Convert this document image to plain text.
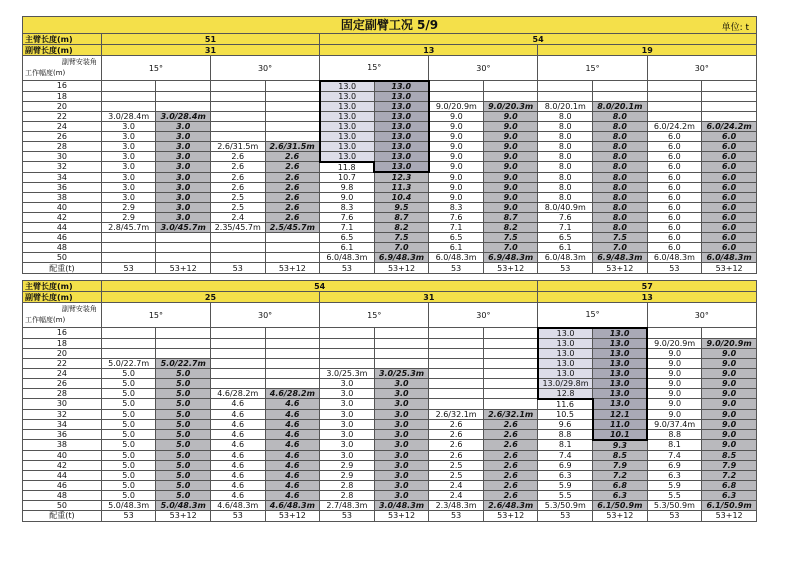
单位: t
固定副臂工况 5/9												
主臂长度(m)	51				54							
副臂长度(m)	31				13				19			

副臂安装角
工作幅度(m)	15°		30°		15°		30°		15°		30°	
16					13.0	13.0						
18					13.0	13.0						
20					13.0	13.0	9.0/20.9m	9.0/20.3m	8.0/20.1m	8.0/20.1m		
22	3.0/28.4m	3.0/28.4m			13.0	13.0	9.0	9.0	8.0	8.0		
24	3.0	3.0			13.0	13.0	9.0	9.0	8.0	8.0	6.0/24.2m	6.0/24.2m
26	3.0	3.0			13.0	13.0	9.0	9.0	8.0	8.0	6.0	6.0
28	3.0	3.0	2.6/31.5m	2.6/31.5m	13.0	13.0	9.0	9.0	8.0	8.0	6.0	6.0
30	3.0	3.0	2.6	2.6	13.0	13.0	9.0	9.0	8.0	8.0	6.0	6.0
32	3.0	3.0	2.6	2.6	11.8	13.0	9.0	9.0	8.0	8.0	6.0	6.0
34	3.0	3.0	2.6	2.6	10.7	12.3	9.0	9.0	8.0	8.0	6.0	6.0
36	3.0	3.0	2.6	2.6	9.8	11.3	9.0	9.0	8.0	8.0	6.0	6.0
38	3.0	3.0	2.5	2.6	9.0	10.4	9.0	9.0	8.0	8.0	6.0	6.0
40	2.9	3.0	2.5	2.6	8.3	9.5	8.3	9.0	8.0/40.9m	8.0	6.0	6.0
42	2.9	3.0	2.4	2.6	7.6	8.7	7.6	8.7	7.6	8.0	6.0	6.0
44	2.8/45.7m	3.0/45.7m	2.35/45.7m	2.5/45.7m	7.1	8.2	7.1	8.2	7.1	8.0	6.0	6.0
46					6.5	7.5	6.5	7.5	6.5	7.5	6.0	6.0
48					6.1	7.0	6.1	7.0	6.1	7.0	6.0	6.0
50					6.0/48.3m	6.9/48.3m	6.0/48.3m	6.9/48.3m	6.0/48.3m	6.9/48.3m	6.0/48.3m	6.0/48.3m
配重(t)	53	53+12	53	53+12	53	53+12	53	53+12	53	53+12	53	53+12
主臂长度(m)	54								57			
副臂长度(m)	25				31				13			

副臂安装角
工作幅度(m)	15°		30°		15°		30°		15°		30°	
16									13.0	13.0		
18									13.0	13.0	9.0/20.9m	9.0/20.9m
20									13.0	13.0	9.0	9.0
22	5.0/22.7m	5.0/22.7m							13.0	13.0	9.0	9.0
24	5.0	5.0			3.0/25.3m	3.0/25.3m			13.0	13.0	9.0	9.0
26	5.0	5.0			3.0	3.0			13.0/29.8m	13.0	9.0	9.0
28	5.0	5.0	4.6/28.2m	4.6/28.2m	3.0	3.0			12.8	13.0	9.0	9.0
30	5.0	5.0	4.6	4.6	3.0	3.0			11.6	13.0	9.0	9.0
32	5.0	5.0	4.6	4.6	3.0	3.0	2.6/32.1m	2.6/32.1m	10.5	12.1	9.0	9.0
34	5.0	5.0	4.6	4.6	3.0	3.0	2.6	2.6	9.6	11.0	9.0/37.4m	9.0
36	5.0	5.0	4.6	4.6	3.0	3.0	2.6	2.6	8.8	10.1	8.8	9.0
38	5.0	5.0	4.6	4.6	3.0	3.0	2.6	2.6	8.1	9.3	8.1	9.0
40	5.0	5.0	4.6	4.6	3.0	3.0	2.6	2.6	7.4	8.5	7.4	8.5
42	5.0	5.0	4.6	4.6	2.9	3.0	2.5	2.6	6.9	7.9	6.9	7.9
44	5.0	5.0	4.6	4.6	2.9	3.0	2.5	2.6	6.3	7.2	6.3	7.2
46	5.0	5.0	4.6	4.6	2.8	3.0	2.4	2.6	5.9	6.8	5.9	6.8
48	5.0	5.0	4.6	4.6	2.8	3.0	2.4	2.6	5.5	6.3	5.5	6.3
50	5.0/48.3m	5.0/48.3m	4.6/48.3m	4.6/48.3m	2.7/48.3m	3.0/48.3m	2.3/48.3m	2.6/48.3m	5.3/50.9m	6.1/50.9m	5.3/50.9m	6.1/50.9m
配重(t)	53	53+12	53	53+12	53	53+12	53	53+12	53	53+12	53	53+12
